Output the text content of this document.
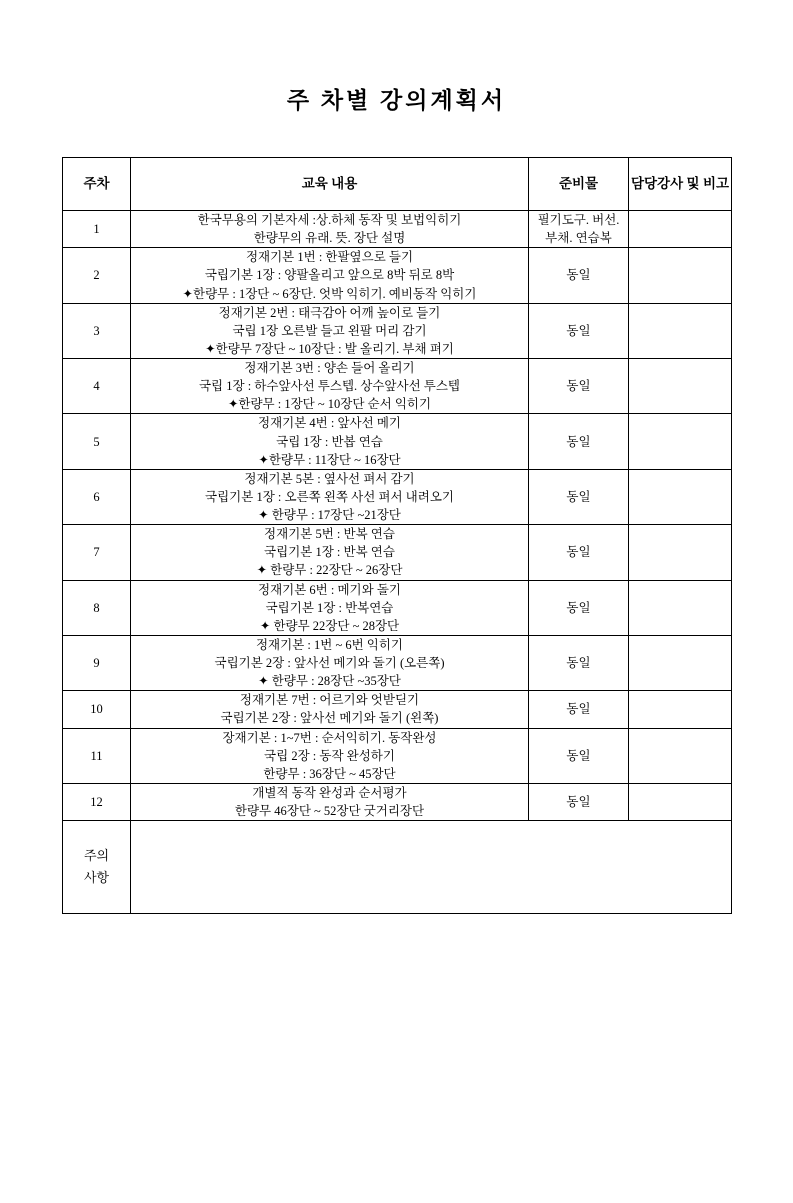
주 차별 강의계획서
주차	교육 내용	준비물	담당강사 및 비고
1	한국무용의 기본자세 :상.하체 동작 및 보법익히기
한량무의 유래. 뜻. 장단 설명	필기도구. 버선.
부채. 연습복	

2	정재기본 1번 : 한팔옆으로 들기
국립기본 1장 : 양팔올리고 앞으로 8박 뒤로 8박
✦한량무 : 1장단 ~ 6장단. 엇박 익히기. 예비동작 익히기	동일	

3	정재기본 2번 : 태극감아 어깨 높이로 들기
국립 1장 오른발 들고 왼팔 머리 감기
✦한량무 7장단 ~ 10장단 : 발 올리기. 부채 펴기	동일	

4	정재기본 3번 : 양손 들어 올리기
국립 1장 : 하수앞사선 투스텝. 상수앞사선 투스텝
✦한량무 : 1장단 ~ 10장단 순서 익히기	동일	

5	정재기본 4번 : 앞사선 메기
국립 1장 : 반봅 연습
✦한량무 : 11장단 ~ 16장단	동일	

6	정재기본 5본 : 옆사선 펴서 감기
국립기본 1장 : 오른쪽 왼쪽 사선 펴서 내려오기
✦ 한량무 : 17장단 ~21장단	동일	

7	정재기본 5번 : 반복 연습
국립기본 1장 : 반복 연습
✦ 한량무 : 22장단 ~ 26장단	동일	

8	정재기본 6번 : 메기와 돌기
국립기본 1장 : 반복연습
✦ 한량무 22장단 ~ 28장단	동일	

9	정재기본 : 1번 ~ 6번 익히기
국립기본 2장 : 앞사선 메기와 돌기 (오른쪽)
✦ 한량무 : 28장단 ~35장단	동일	

10	정재기본 7번 : 어르기와 엇받딛기
국립기본 2장 : 앞사선 메기와 돌기 (왼쪽)	동일	

11	장재기본 : 1~7번 : 순서익히기. 동작완성
국립 2장 : 동작 완성하기
한량무 : 36장단 ~ 45장단	동일	

12	개별적 동작 완성과 순서평가
한량무 46장단 ~ 52장단 굿거리장단	동일	

주의
사항			
